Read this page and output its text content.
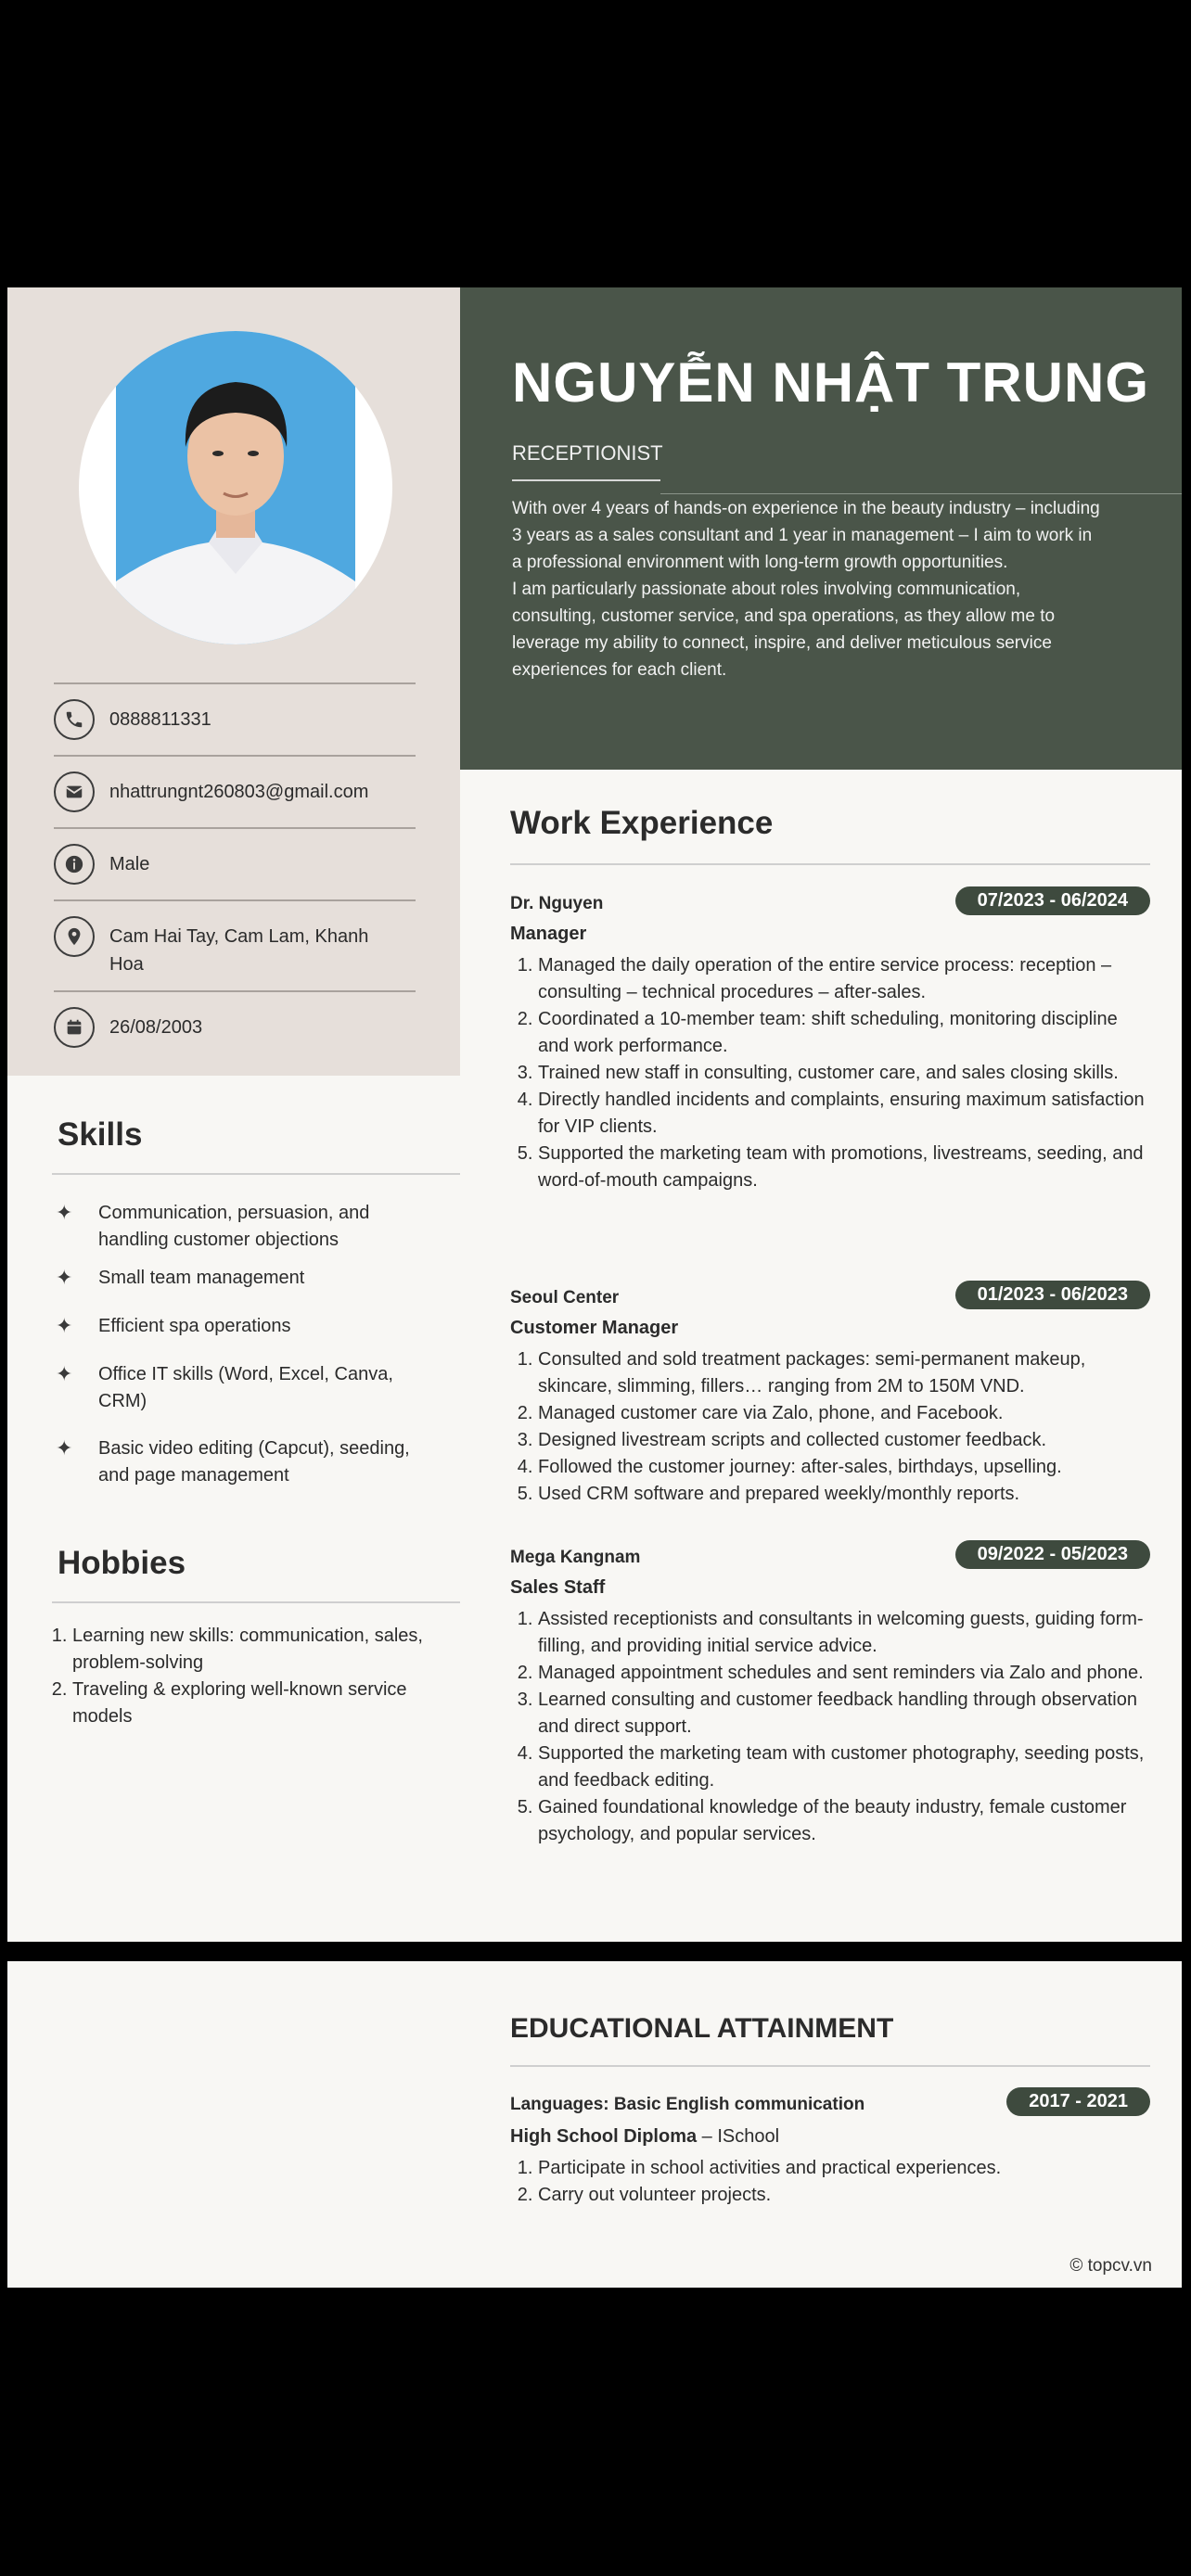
0888811331
nhattrungnt260803@gmail.com
Male
Cam Hai Tay, Cam Lam, Khanh Hoa
26/08/2003
NGUYỄN NHẬT TRUNG
RECEPTIONIST
With over 4 years of hands-on experience in the beauty industry – including 3 years as a sales consultant and 1 year in management – I aim to work in a professional environment with long-term growth opportunities.
I am particularly passionate about roles involving communication, consulting, customer service, and spa operations, as they allow me to leverage my ability to connect, inspire, and deliver meticulous service experiences for each client.
Skills
✦	Communication, persuasion, and handling customer objections
✦	Small team management
✦	Efficient spa operations
✦	Office IT skills (Word, Excel, Canva, CRM)
✦	Basic video editing (Capcut), seeding, and page management
Hobbies
1. Learning new skills: communication, sales, problem-solving
2. Traveling & exploring well-known service models
Work Experience
Dr. Nguyen	07/2023 - 06/2024
Manager
1. Managed the daily operation of the entire service process: reception – consulting – technical procedures – after-sales.
2. Coordinated a 10-member team: shift scheduling, monitoring discipline and work performance.
3. Trained new staff in consulting, customer care, and sales closing skills.
4. Directly handled incidents and complaints, ensuring maximum satisfaction for VIP clients.
5. Supported the marketing team with promotions, livestreams, seeding, and word-of-mouth campaigns.
Seoul Center	01/2023 - 06/2023
Customer Manager
1. Consulted and sold treatment packages: semi-permanent makeup, skincare, slimming, fillers… ranging from 2M to 150M VND.
2. Managed customer care via Zalo, phone, and Facebook.
3. Designed livestream scripts and collected customer feedback.
4. Followed the customer journey: after-sales, birthdays, upselling.
5. Used CRM software and prepared weekly/monthly reports.
Mega Kangnam	09/2022 - 05/2023
Sales Staff
1. Assisted receptionists and consultants in welcoming guests, guiding form-filling, and providing initial service advice.
2. Managed appointment schedules and sent reminders via Zalo and phone.
3. Learned consulting and customer feedback handling through observation and direct support.
4. Supported the marketing team with customer photography, seeding posts, and feedback editing.
5. Gained foundational knowledge of the beauty industry, female customer psychology, and popular services.
EDUCATIONAL ATTAINMENT
Languages: Basic English communication	2017 - 2021
High School Diploma – ISchool
1. Participate in school activities and practical experiences.
2. Carry out volunteer projects.
© topcv.vn
